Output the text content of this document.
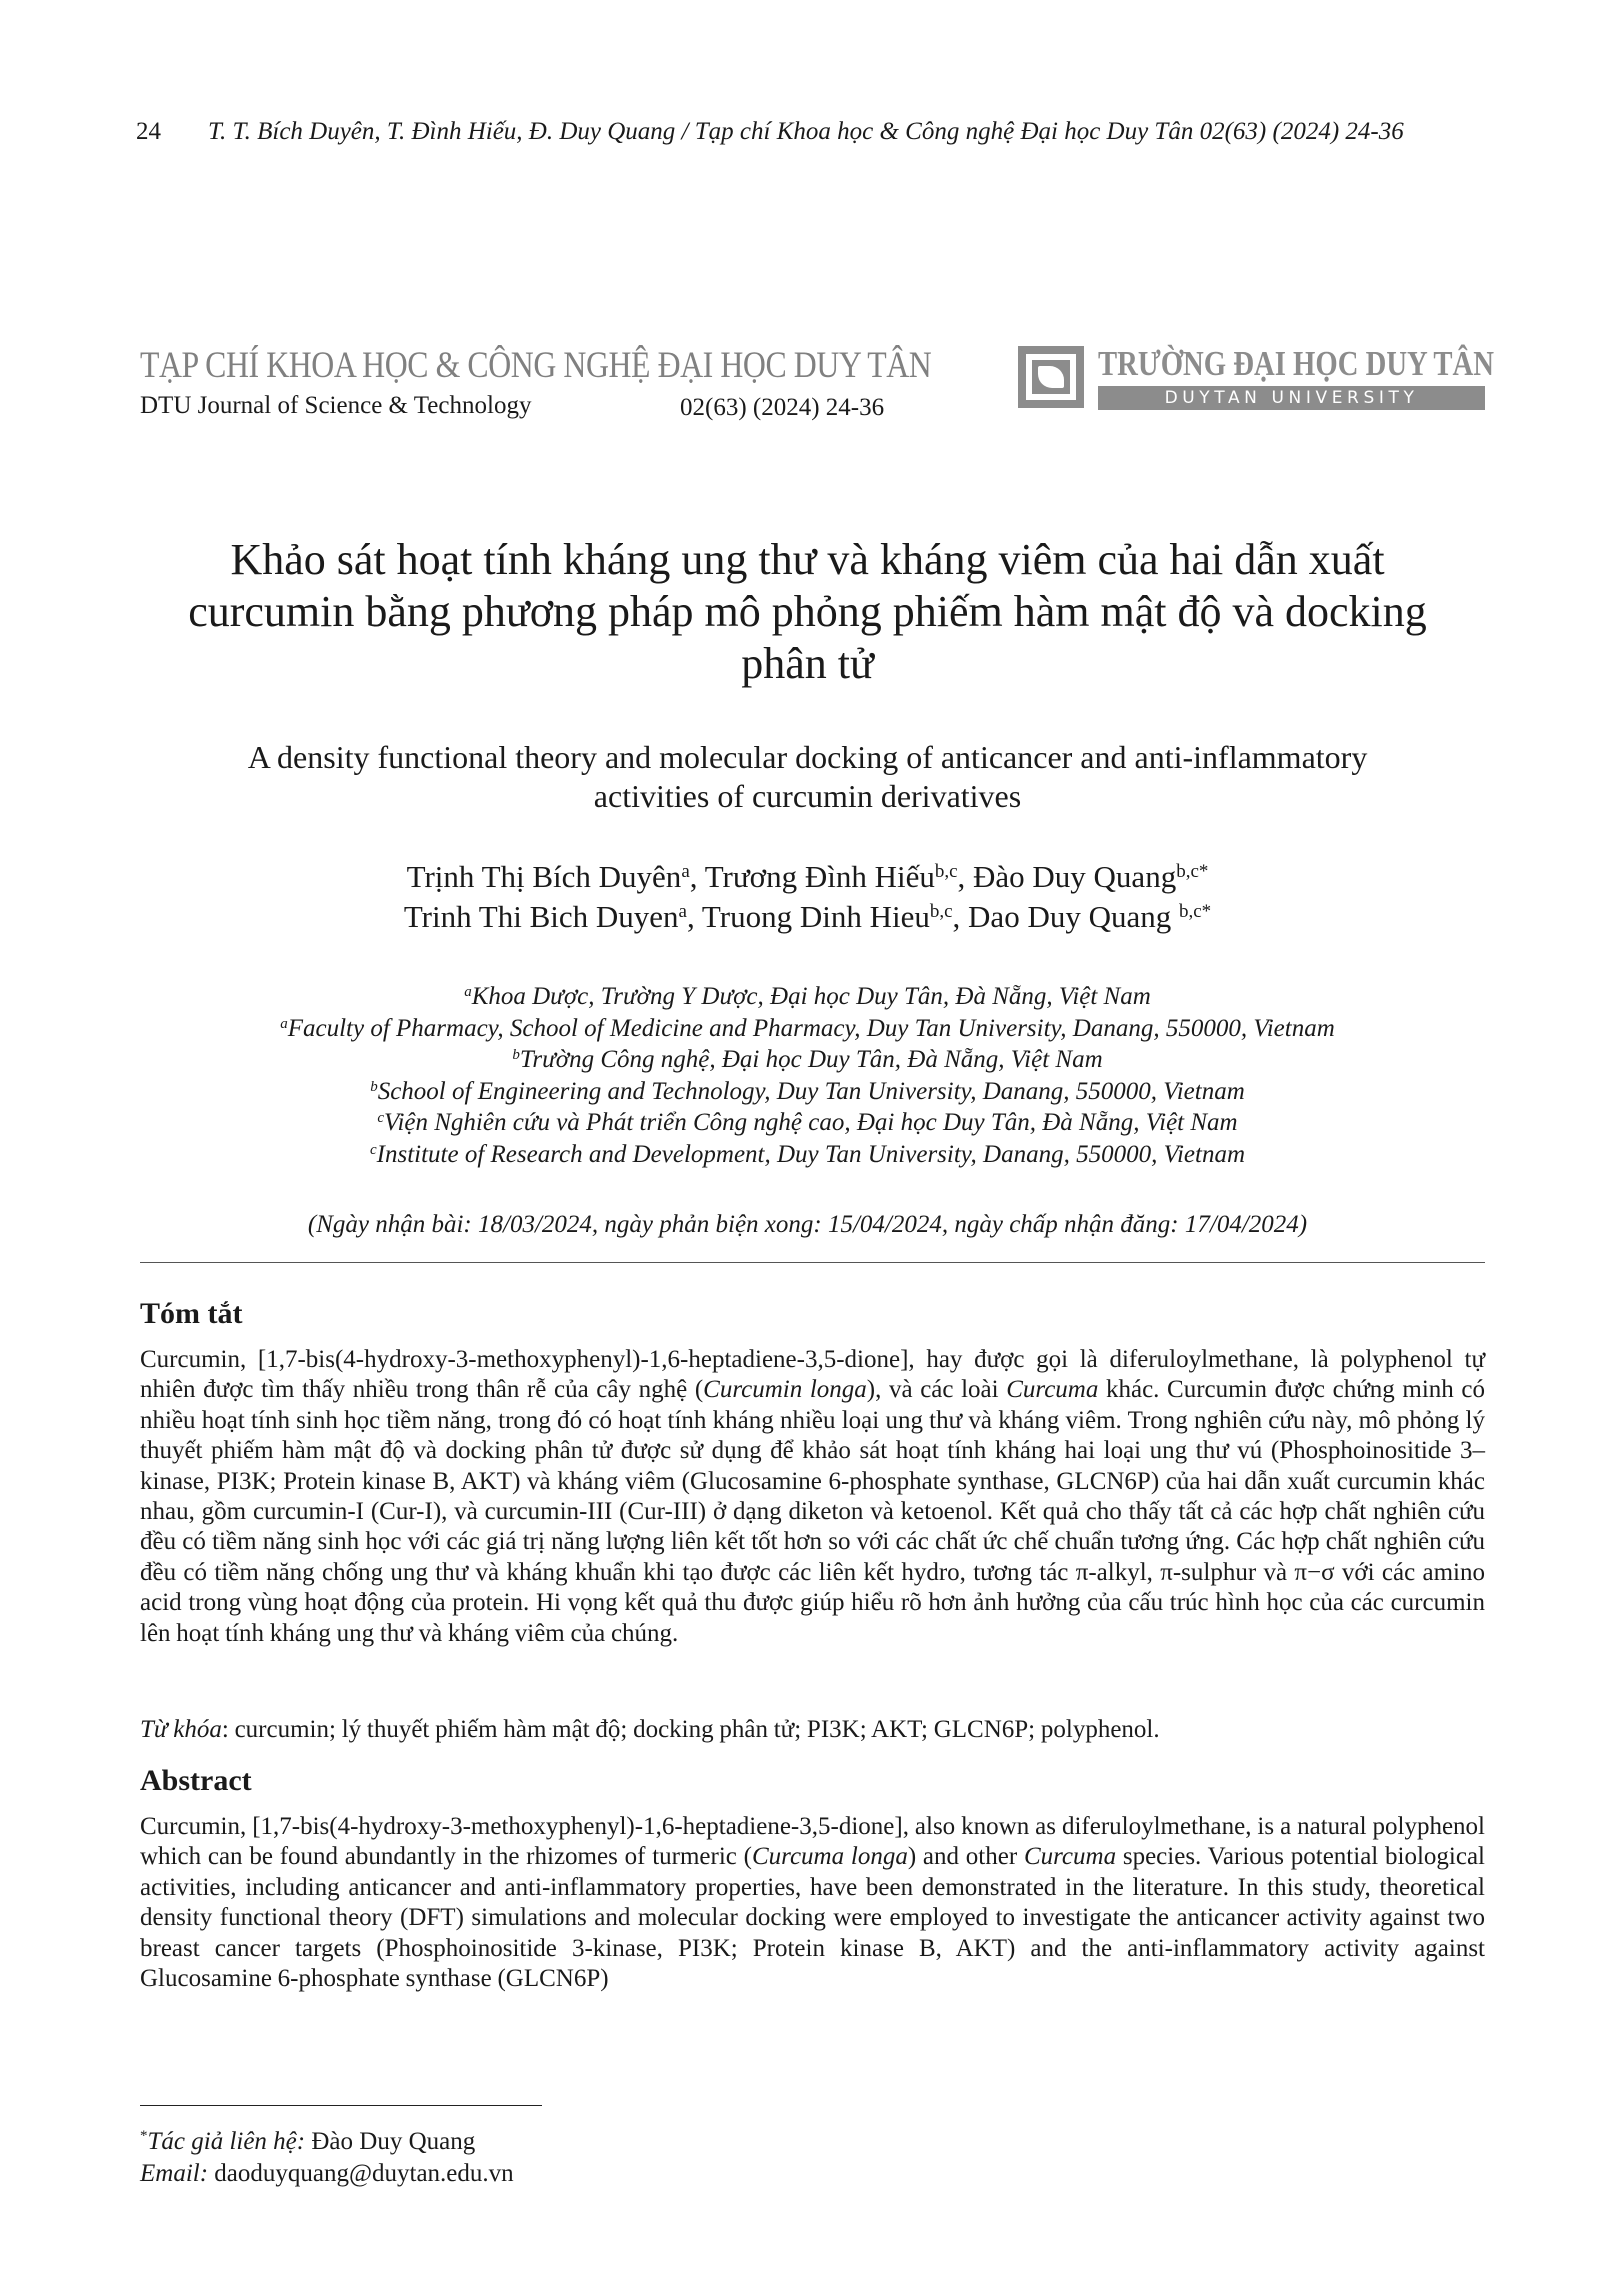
24 T. T. Bích Duyên, T. Đình Hiếu, Đ. Duy Quang / Tạp chí Khoa học & Công nghệ Đại học Duy Tân 02(63) (2024) 24-36
TẠP CHÍ KHOA HỌC & CÔNG NGHỆ ĐẠI HỌC DUY TÂN
DTU Journal of Science & Technology	02(63) (2024) 24-36
TRƯỜNG ĐẠI HỌC DUY TÂN
DUYTAN UNIVERSITY
Khảo sát hoạt tính kháng ung thư và kháng viêm của hai dẫn xuất
curcumin bằng phương pháp mô phỏng phiếm hàm mật độ và docking
phân tử
A density functional theory and molecular docking of anticancer and anti-inflammatory
activities of curcumin derivatives
Trịnh Thị Bích Duyên$^a$, Trương Đình Hiếu$^{b,c}$, Đào Duy Quang$^{b,c*}$
Trinh Thi Bich Duyen$^a$, Truong Dinh Hieu$^{b,c}$, Dao Duy Quang $^{b,c*}$
$^a$Khoa Dược, Trường Y Dược, Đại học Duy Tân, Đà Nẵng, Việt Nam
$^a$Faculty of Pharmacy, School of Medicine and Pharmacy, Duy Tan University, Danang, 550000, Vietnam
$^b$Trường Công nghệ, Đại học Duy Tân, Đà Nẵng, Việt Nam
$^b$School of Engineering and Technology, Duy Tan University, Danang, 550000, Vietnam
$^c$Viện Nghiên cứu và Phát triển Công nghệ cao, Đại học Duy Tân, Đà Nẵng, Việt Nam
$^c$Institute of Research and Development, Duy Tan University, Danang, 550000, Vietnam
(Ngày nhận bài: 18/03/2024, ngày phản biện xong: 15/04/2024, ngày chấp nhận đăng: 17/04/2024)
Tóm tắt
Curcumin, [1,7-bis(4-hydroxy-3-methoxyphenyl)-1,6-heptadiene-3,5-dione], hay được gọi là diferuloylmethane, là polyphenol tự nhiên được tìm thấy nhiều trong thân rễ của cây nghệ (Curcumin longa), và các loài Curcuma khác. Curcumin được chứng minh có nhiều hoạt tính sinh học tiềm năng, trong đó có hoạt tính kháng nhiều loại ung thư và kháng viêm. Trong nghiên cứu này, mô phỏng lý thuyết phiếm hàm mật độ và docking phân tử được sử dụng để khảo sát hoạt tính kháng hai loại ung thư vú (Phosphoinositide 3–kinase, PI3K; Protein kinase B, AKT) và kháng viêm (Glucosamine 6-phosphate synthase, GLCN6P) của hai dẫn xuất curcumin khác nhau, gồm curcumin-I (Cur-I), và curcumin-III (Cur-III) ở dạng diketon và ketoenol. Kết quả cho thấy tất cả các hợp chất nghiên cứu đều có tiềm năng sinh học với các giá trị năng lượng liên kết tốt hơn so với các chất ức chế chuẩn tương ứng. Các hợp chất nghiên cứu đều có tiềm năng chống ung thư và kháng khuẩn khi tạo được các liên kết hydro, tương tác π-alkyl, π-sulphur và π−σ với các amino acid trong vùng hoạt động của protein. Hi vọng kết quả thu được giúp hiểu rõ hơn ảnh hưởng của cấu trúc hình học của các curcumin lên hoạt tính kháng ung thư và kháng viêm của chúng.
Từ khóa: curcumin; lý thuyết phiếm hàm mật độ; docking phân tử; PI3K; AKT; GLCN6P; polyphenol.
Abstract
Curcumin, [1,7-bis(4-hydroxy-3-methoxyphenyl)-1,6-heptadiene-3,5-dione], also known as diferuloylmethane, is a natural polyphenol which can be found abundantly in the rhizomes of turmeric (Curcuma longa) and other Curcuma species. Various potential biological activities, including anticancer and anti-inflammatory properties, have been demonstrated in the literature. In this study, theoretical density functional theory (DFT) simulations and molecular docking were employed to investigate the anticancer activity against two breast cancer targets (Phosphoinositide 3-kinase, PI3K; Protein kinase B, AKT) and the anti-inflammatory activity against Glucosamine 6-phosphate synthase (GLCN6P)
*Tác giả liên hệ: Đào Duy Quang
Email: daoduyquang@duytan.edu.vn
